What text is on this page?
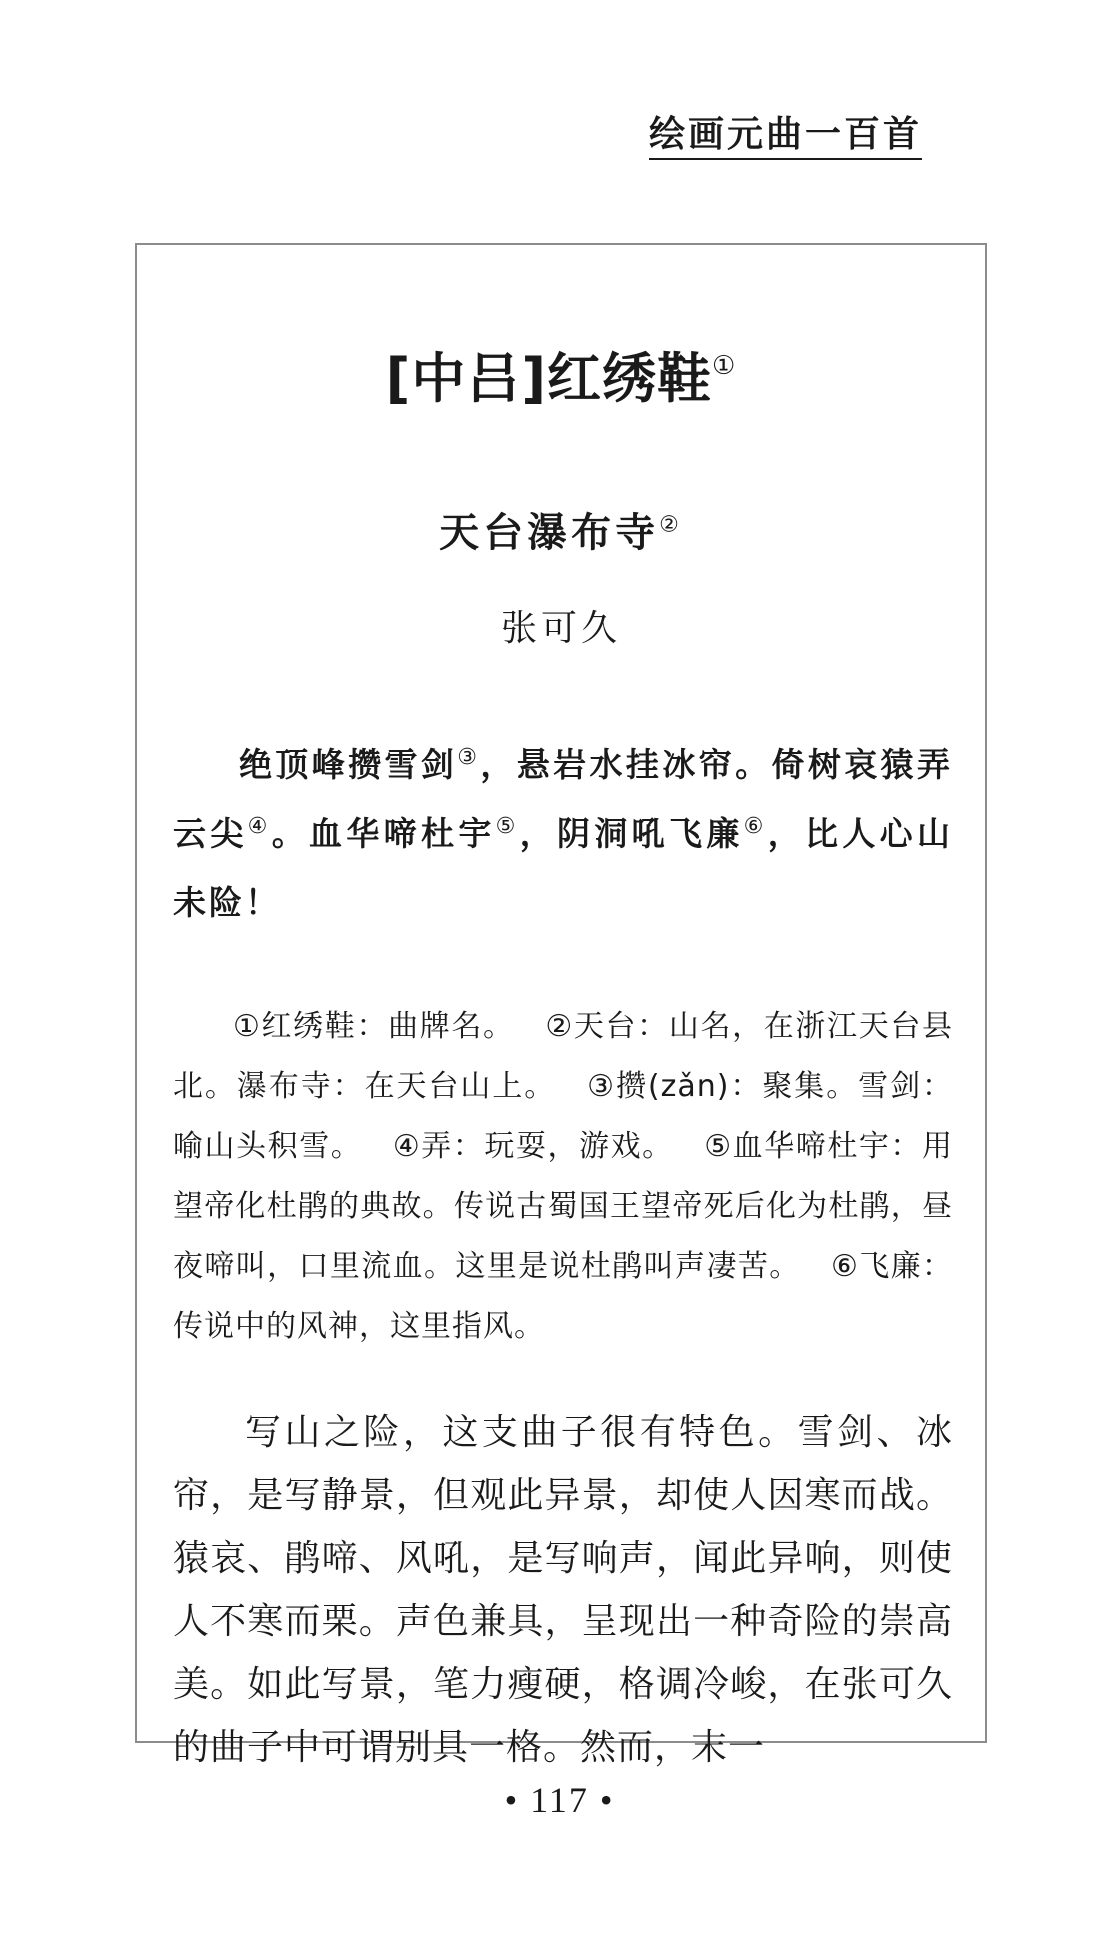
绘画元曲一百首
[中吕]红绣鞋①
天台瀑布寺②
张可久

绝顶峰攒雪剑③，悬岩水挂冰帘。倚树哀猿弄云尖④。血华啼杜宇⑤，阴洞吼飞廉⑥，比人心山未险！

①红绣鞋：曲牌名。 ②天台：山名，在浙江天台县北。瀑布寺：在天台山上。 ③攒(zǎn)：聚集。雪剑：喻山头积雪。 ④弄：玩耍，游戏。 ⑤血华啼杜宇：用望帝化杜鹃的典故。传说古蜀国王望帝死后化为杜鹃，昼夜啼叫，口里流血。这里是说杜鹃叫声凄苦。 ⑥飞廉：传说中的风神，这里指风。

写山之险，这支曲子很有特色。雪剑、冰帘，是写静景，但观此异景，却使人因寒而战。猿哀、鹃啼、风吼，是写响声，闻此异响，则使人不寒而栗。声色兼具，呈现出一种奇险的崇高美。如此写景，笔力瘦硬，格调冷峻，在张可久的曲子中可谓别具一格。然而，末一

• 117 •
